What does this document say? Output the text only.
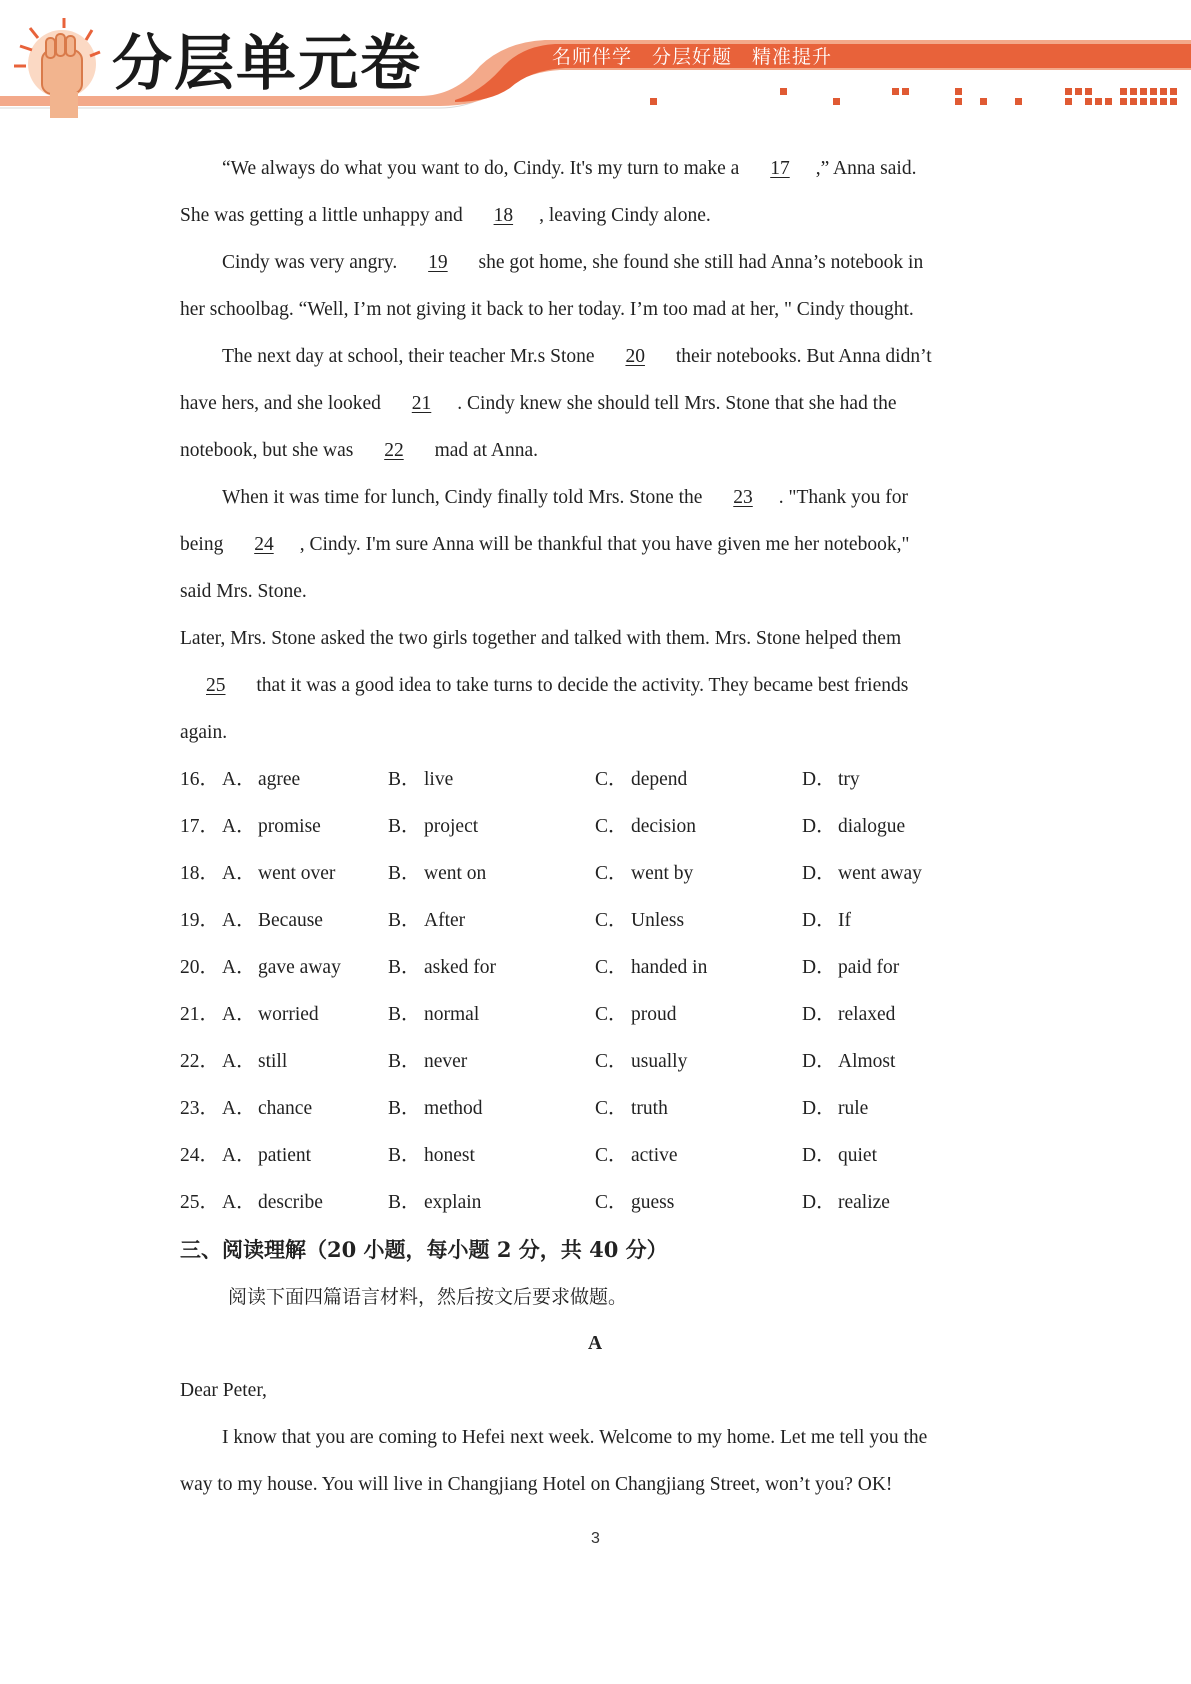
分层单元卷	名师伴学 分层好题 精准提升
“We always do what you want to do, Cindy. It's my turn to make a 17 ,” Anna said.
She was getting a little unhappy and 18 , leaving Cindy alone.
Cindy was very angry. 19 she got home, she found she still had Anna’s notebook in
her schoolbag. “Well, I’m not giving it back to her today. I’m too mad at her, " Cindy thought.
The next day at school, their teacher Mr.s Stone 20 their notebooks. But Anna didn’t
have hers, and she looked 21 . Cindy knew she should tell Mrs. Stone that she had the
notebook, but she was 22 mad at Anna.
When it was time for lunch, Cindy finally told Mrs. Stone the 23 . "Thank you for
being 24 , Cindy. I'm sure Anna will be thankful that you have given me her notebook,"
said Mrs. Stone.
Later, Mrs. Stone asked the two girls together and talked with them. Mrs. Stone helped them
25 that it was a good idea to take turns to decide the activity. They became best friends
again.
16． A． agree	B． live	C． depend	D． try
17． A． promise	B． project	C． decision	D． dialogue
18． A． went over	B． went on	C． went by	D． went away
19． A． Because	B． After	C． Unless	D． If
20． A． gave away B． asked for	C． handed in	D． paid for
21． A． worried	B． normal	C． proud	D． relaxed
22． A． still	B． never	C． usually	D． Almost
23． A． chance	B． method	C． truth	D． rule
24． A． patient	B． honest	C． active	D． quiet
25． A． describe	B． explain	C． guess	D． realize
三、阅读理解（20 小题，每小题 2 分，共 40 分）
阅读下面四篇语言材料，然后按文后要求做题。
A
Dear Peter,
I know that you are coming to Hefei next week. Welcome to my home. Let me tell you the
way to my house. You will live in Changjiang Hotel on Changjiang Street, won’t you? OK!
3
